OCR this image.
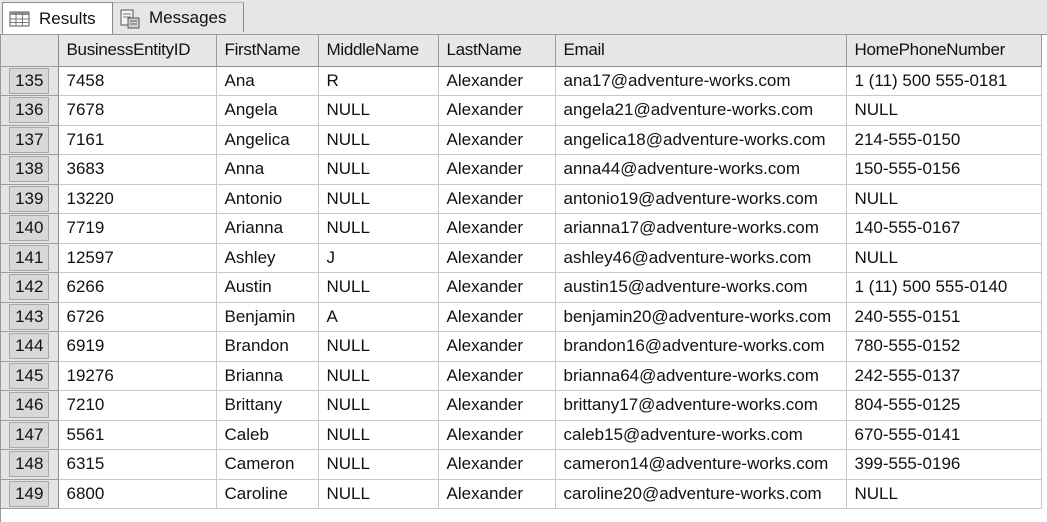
Results	Messages
	BusinessEntityID	FirstName	MiddleName	LastName	Email	HomePhoneNumber
135	7458	Ana	R	Alexander	ana17@adventure-works.com	1 (11) 500 555-0181
136	7678	Angela	NULL	Alexander	angela21@adventure-works.com	NULL
137	7161	Angelica	NULL	Alexander	angelica18@adventure-works.com	214-555-0150
138	3683	Anna	NULL	Alexander	anna44@adventure-works.com	150-555-0156
139	13220	Antonio	NULL	Alexander	antonio19@adventure-works.com	NULL
140	7719	Arianna	NULL	Alexander	arianna17@adventure-works.com	140-555-0167
141	12597	Ashley	J	Alexander	ashley46@adventure-works.com	NULL
142	6266	Austin	NULL	Alexander	austin15@adventure-works.com	1 (11) 500 555-0140
143	6726	Benjamin	A	Alexander	benjamin20@adventure-works.com	240-555-0151
144	6919	Brandon	NULL	Alexander	brandon16@adventure-works.com	780-555-0152
145	19276	Brianna	NULL	Alexander	brianna64@adventure-works.com	242-555-0137
146	7210	Brittany	NULL	Alexander	brittany17@adventure-works.com	804-555-0125
147	5561	Caleb	NULL	Alexander	caleb15@adventure-works.com	670-555-0141
148	6315	Cameron	NULL	Alexander	cameron14@adventure-works.com	399-555-0196
149	6800	Caroline	NULL	Alexander	caroline20@adventure-works.com	NULL
